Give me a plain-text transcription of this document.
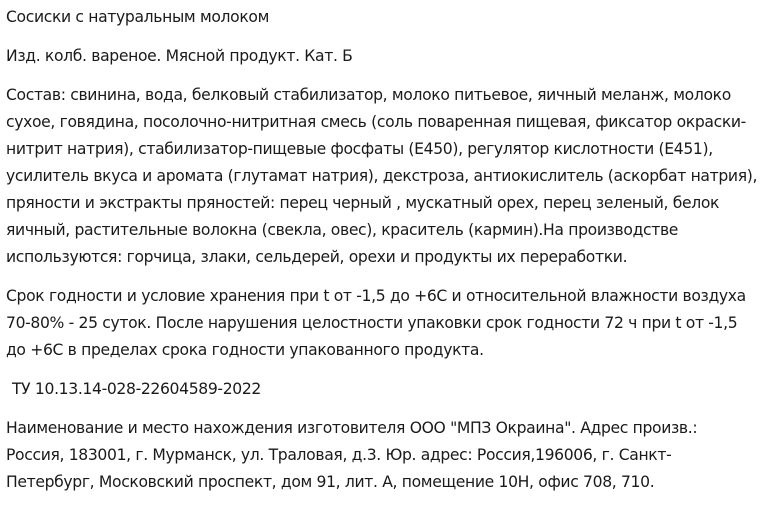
Сосиски с натуральным молоком

Изд. колб. вареное. Мясной продукт. Кат. Б

Состав: свинина, вода, белковый стабилизатор, молоко питьевое, яичный меланж, молоко сухое, говядина, посолочно-нитритная смесь (соль поваренная пищевая, фиксатор окраски-нитрит натрия), стабилизатор-пищевые фосфаты (Е450), регулятор кислотности (Е451), усилитель вкуса и аромата (глутамат натрия), декстроза, антиокислитель (аскорбат натрия), пряности и экстракты пряностей: перец черный , мускатный орех, перец зеленый, белок яичный, растительные волокна (свекла, овес), краситель (кармин).На производстве используются: горчица, злаки, сельдерей, орехи и продукты их переработки.

Срок годности и условие хранения при t от -1,5 до +6С и относительной влажности воздуха 70-80% - 25 суток. После нарушения целостности упаковки срок годности 72 ч при t от -1,5 до +6С в пределах срока годности упакованного продукта.

ТУ 10.13.14-028-22604589-2022

Наименование и место нахождения изготовителя ООО "МПЗ Окраина". Адрес произв.: Россия, 183001, г. Мурманск, ул. Траловая, д.3. Юр. адрес: Россия,196006, г. Санкт-Петербург, Московский проспект, дом 91, лит. А, помещение 10Н, офис 708, 710.
